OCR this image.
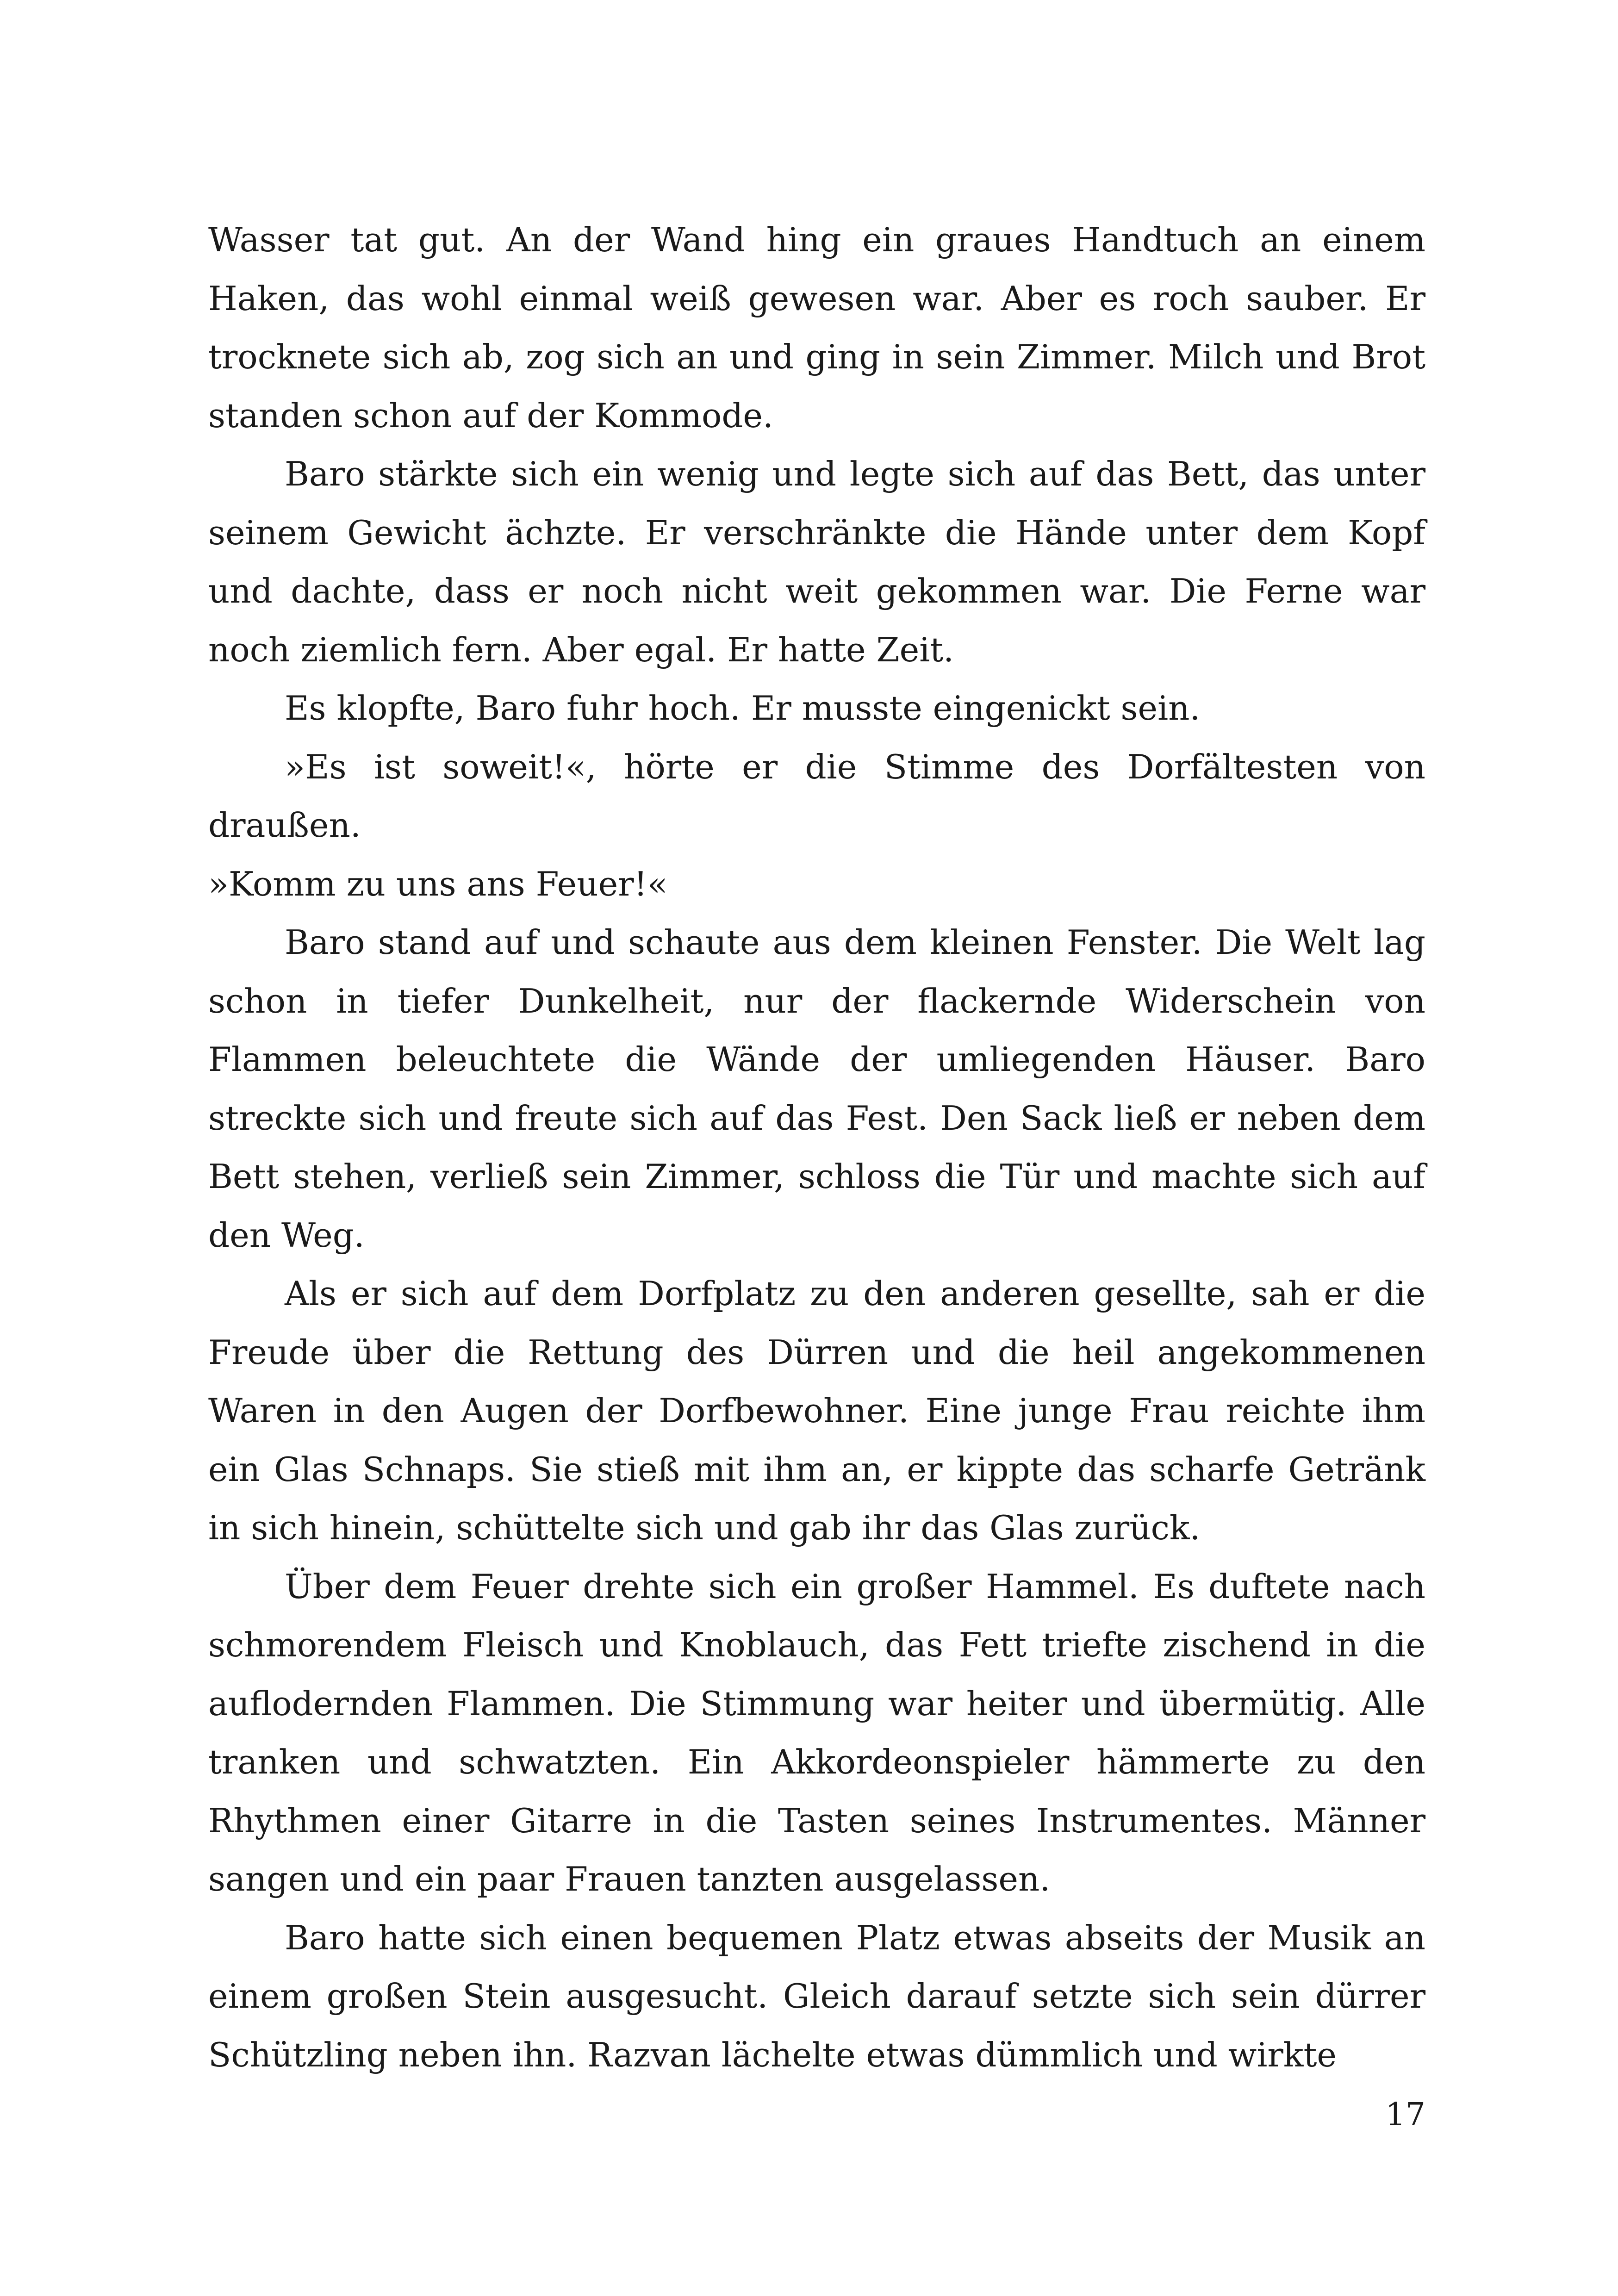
Wasser tat gut. An der Wand hing ein graues Handtuch an einem Haken, das wohl einmal weiß gewesen war. Aber es roch sauber. Er trocknete sich ab, zog sich an und ging in sein Zimmer. Milch und Brot standen schon auf der Kommode.

Baro stärkte sich ein wenig und legte sich auf das Bett, das unter seinem Gewicht ächzte. Er verschränkte die Hände unter dem Kopf und dachte, dass er noch nicht weit gekommen war. Die Ferne war noch ziemlich fern. Aber egal. Er hatte Zeit.

Es klopfte, Baro fuhr hoch. Er musste eingenickt sein.

»Es ist soweit!«, hörte er die Stimme des Dorfältesten von draußen.

»Komm zu uns ans Feuer!«

Baro stand auf und schaute aus dem kleinen Fenster. Die Welt lag schon in tiefer Dunkelheit, nur der flackernde Widerschein von Flammen beleuchtete die Wände der umliegenden Häuser. Baro streckte sich und freute sich auf das Fest. Den Sack ließ er neben dem Bett stehen, verließ sein Zimmer, schloss die Tür und machte sich auf den Weg.

Als er sich auf dem Dorfplatz zu den anderen gesellte, sah er die Freude über die Rettung des Dürren und die heil angekommenen Waren in den Augen der Dorfbewohner. Eine junge Frau reichte ihm ein Glas Schnaps. Sie stieß mit ihm an, er kippte das scharfe Getränk in sich hinein, schüttelte sich und gab ihr das Glas zurück.

Über dem Feuer drehte sich ein großer Hammel. Es duftete nach schmorendem Fleisch und Knoblauch, das Fett triefte zischend in die auflodernden Flammen. Die Stimmung war heiter und übermütig. Alle tranken und schwatzten. Ein Akkordeonspieler hämmerte zu den Rhythmen einer Gitarre in die Tasten seines Instrumentes. Männer sangen und ein paar Frauen tanzten ausgelassen.

Baro hatte sich einen bequemen Platz etwas abseits der Musik an einem großen Stein ausgesucht. Gleich darauf setzte sich sein dürrer Schützling neben ihn. Razvan lächelte etwas dümmlich und wirkte

17
